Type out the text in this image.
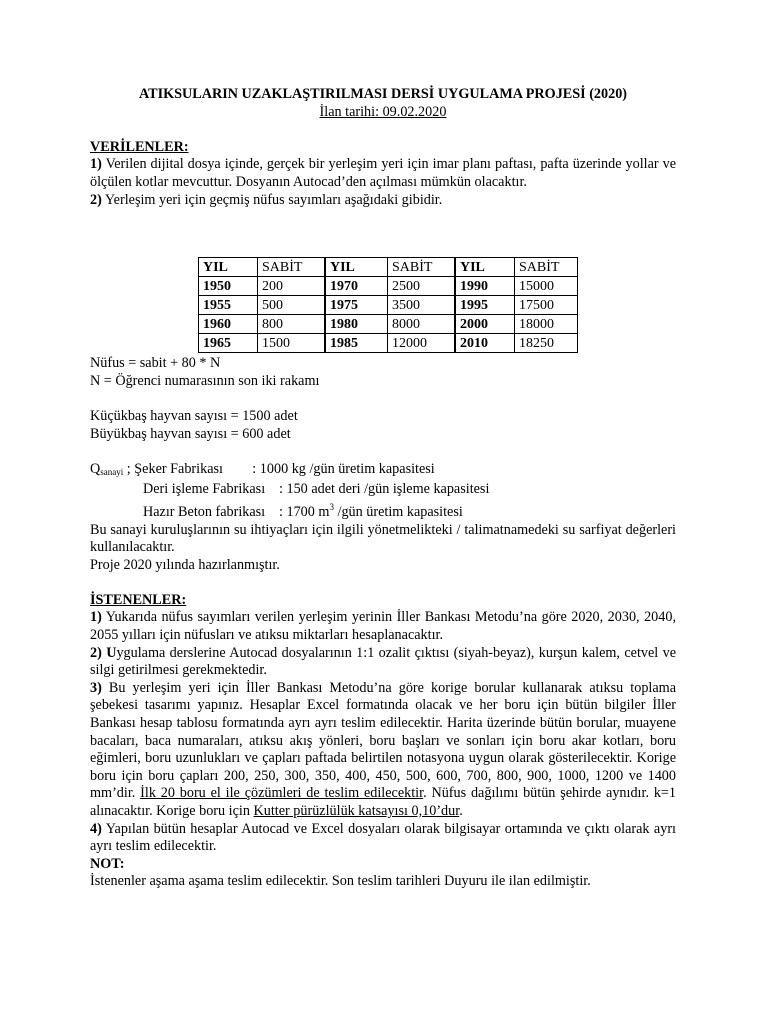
ATIKSULARIN UZAKLAŞTIRILMASI DERSİ UYGULAMA PROJESİ (2020)

İlan tarihi: 09.02.2020

VERİLENLER:

1) Verilen dijital dosya içinde, gerçek bir yerleşim yeri için imar planı paftası, pafta üzerinde yollar ve ölçülen kotlar mevcuttur. Dosyanın Autocad’den açılması mümkün olacaktır.

2) Yerleşim yeri için geçmiş nüfus sayımları aşağıdaki gibidir.

YIL	SABİT	YIL	SABİT	YIL	SABİT
1950	200	1970	2500	1990	15000
1955	500	1975	3500	1995	17500
1960	800	1980	8000	2000	18000
1965	1500	1985	12000	2010	18250

Nüfus = sabit + 80 * N

N = Öğrenci numarasının son iki rakamı

Küçükbaş hayvan sayısı = 1500 adet

Büyükbaş hayvan sayısı = 600 adet

$Q_{sanayi}$ ; Şeker Fabrikası : 1000 kg /gün üretim kapasitesi

Deri işleme Fabrikası : 150 adet deri /gün işleme kapasitesi

Hazır Beton fabrikası : 1700 $m^3$ /gün üretim kapasitesi

Bu sanayi kuruluşlarının su ihtiyaçları için ilgili yönetmelikteki / talimatnamedeki su sarfiyat değerleri kullanılacaktır.

Proje 2020 yılında hazırlanmıştır.

İSTENENLER:

1) Yukarıda nüfus sayımları verilen yerleşim yerinin İller Bankası Metodu’na göre 2020, 2030, 2040, 2055 yılları için nüfusları ve atıksu miktarları hesaplanacaktır.

2) Uygulama derslerine Autocad dosyalarının 1:1 ozalit çıktısı (siyah-beyaz), kurşun kalem, cetvel ve silgi getirilmesi gerekmektedir.

3) Bu yerleşim yeri için İller Bankası Metodu’na göre korige borular kullanarak atıksu toplama şebekesi tasarımı yapınız. Hesaplar Excel formatında olacak ve her boru için bütün bilgiler İller Bankası hesap tablosu formatında ayrı ayrı teslim edilecektir. Harita üzerinde bütün borular, muayene bacaları, baca numaraları, atıksu akış yönleri, boru başları ve sonları için boru akar kotları, boru eğimleri, boru uzunlukları ve çapları paftada belirtilen notasyona uygun olarak gösterilecektir. Korige boru için boru çapları 200, 250, 300, 350, 400, 450, 500, 600, 700, 800, 900, 1000, 1200 ve 1400 mm’dir. İlk 20 boru el ile çözümleri de teslim edilecektir. Nüfus dağılımı bütün şehirde aynıdır. k=1 alınacaktır. Korige boru için Kutter pürüzlülük katsayısı 0,10’dur.

4) Yapılan bütün hesaplar Autocad ve Excel dosyaları olarak bilgisayar ortamında ve çıktı olarak ayrı ayrı teslim edilecektir.

NOT:

İstenenler aşama aşama teslim edilecektir. Son teslim tarihleri Duyuru ile ilan edilmiştir.
